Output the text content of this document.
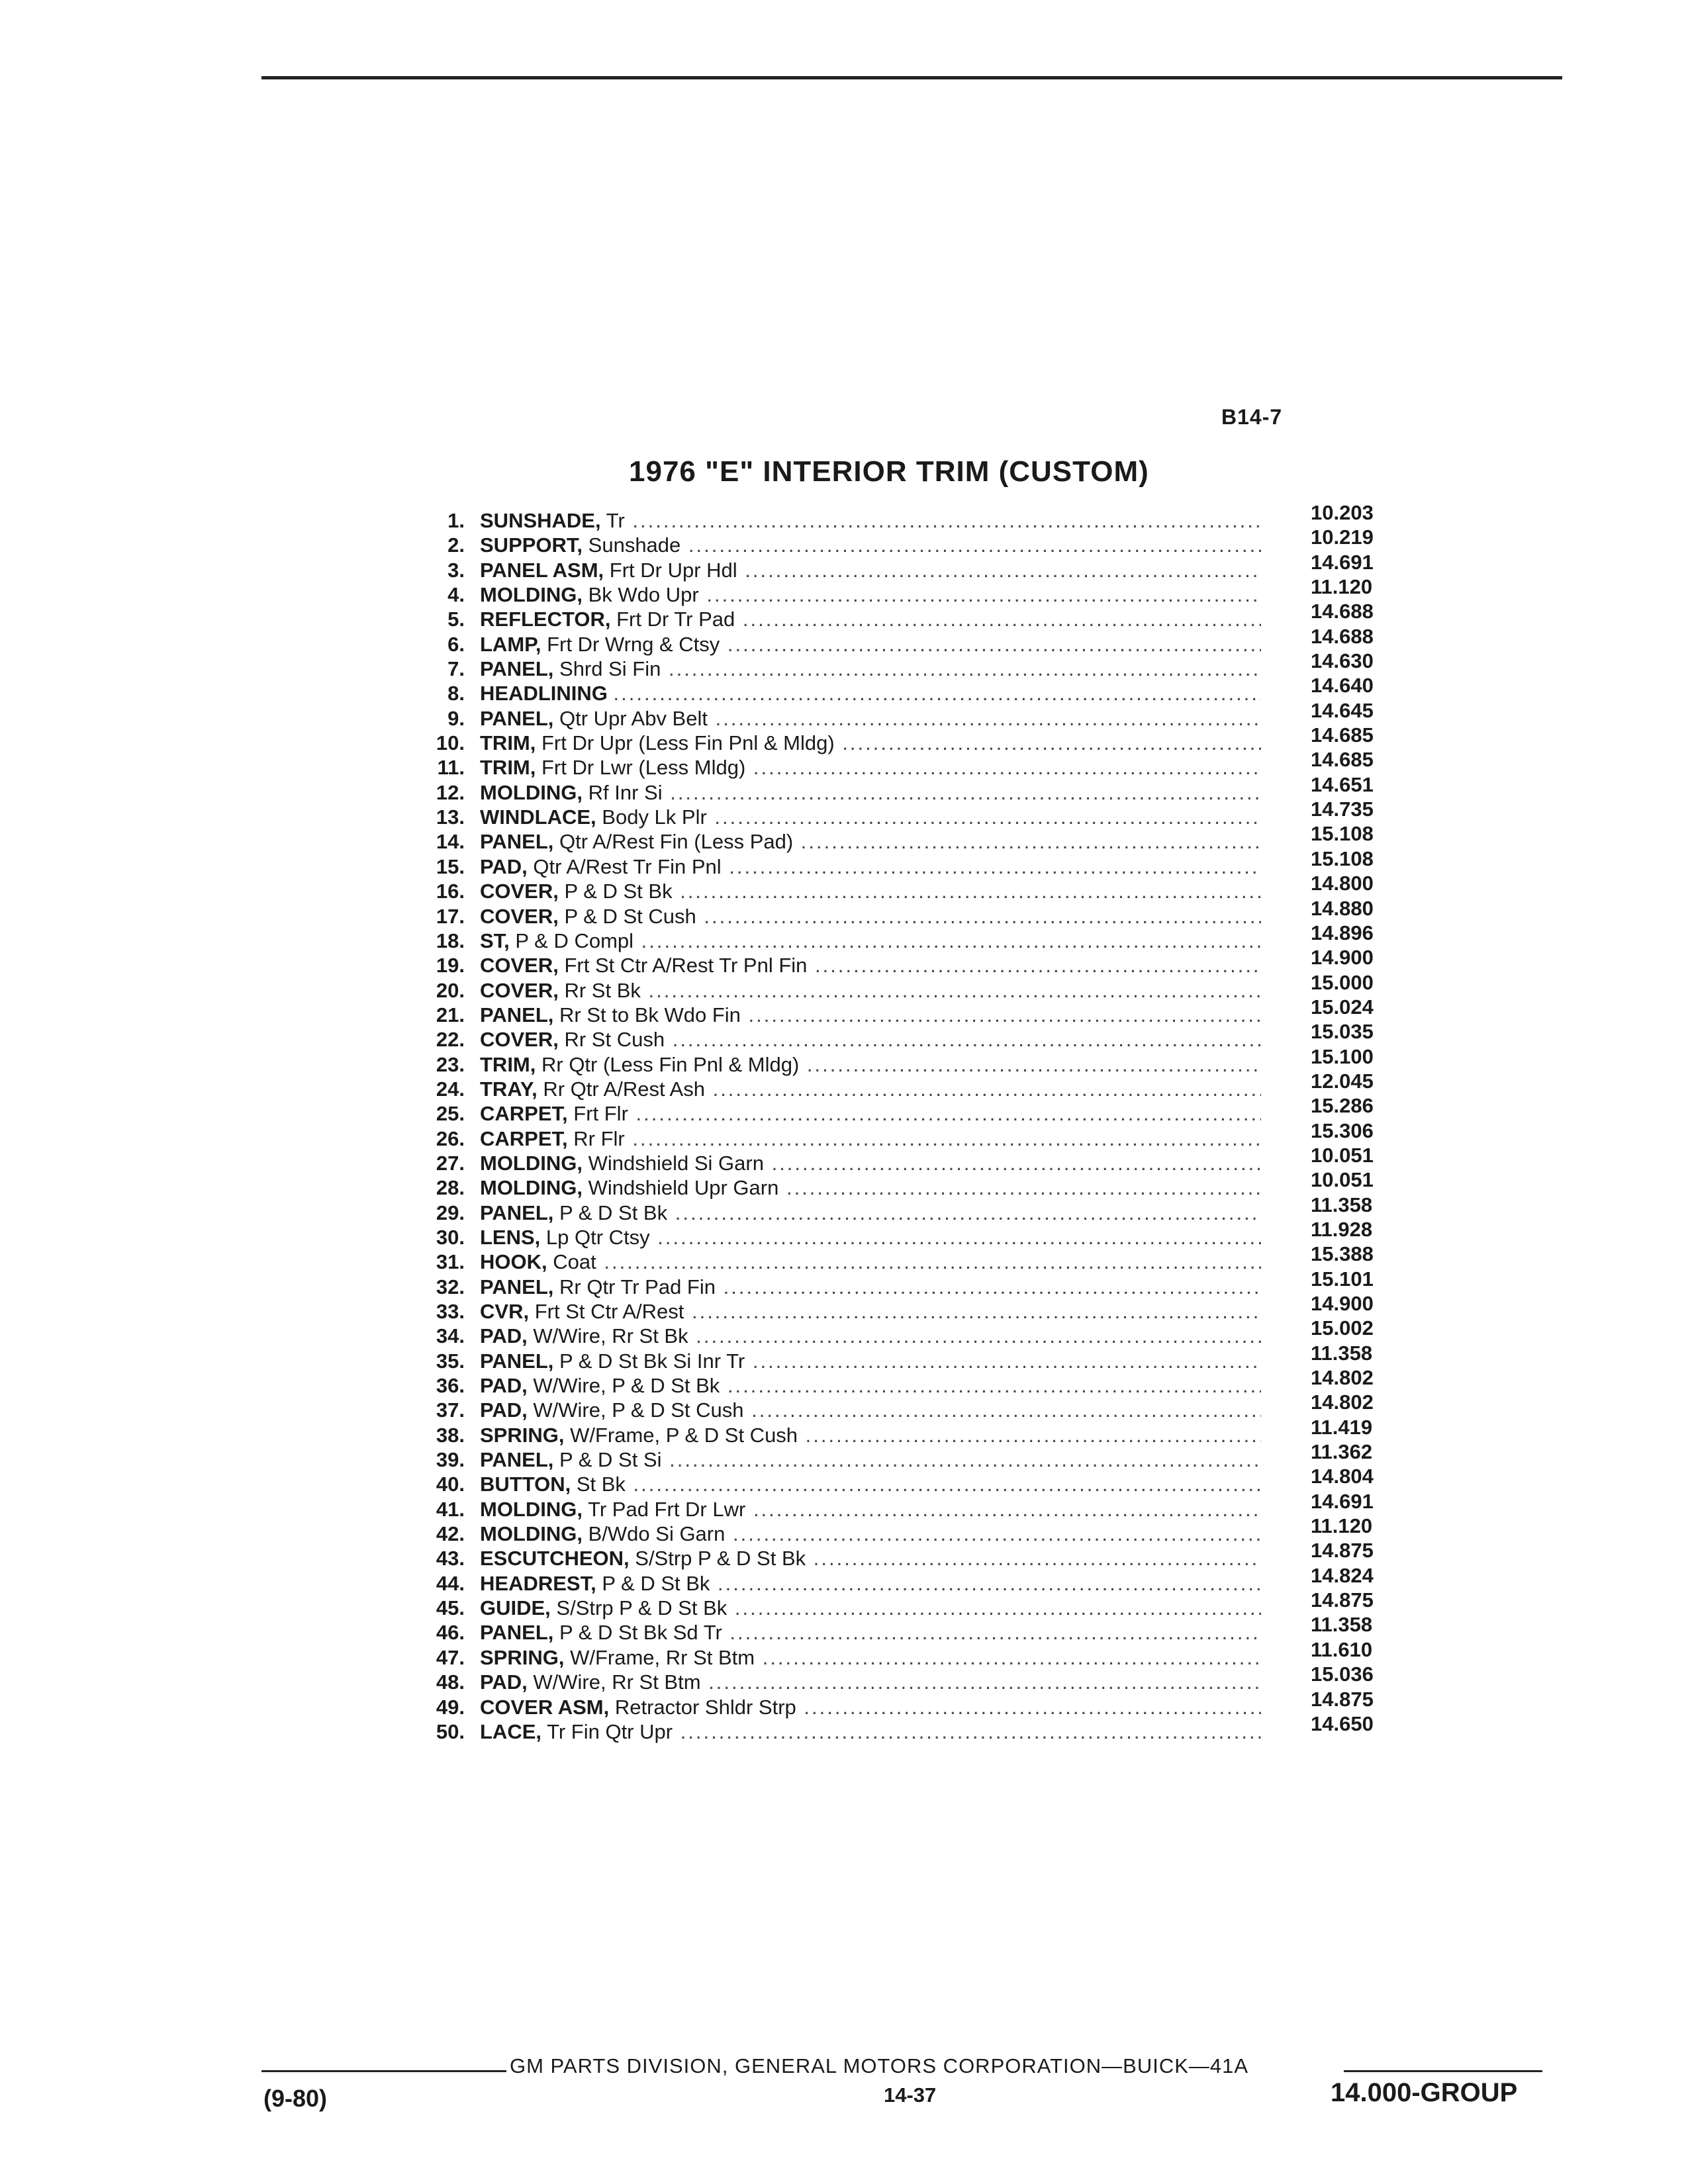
B14-7
1976 "E" INTERIOR TRIM (CUSTOM)
1. SUNSHADE, Tr .....	10.203
2. SUPPORT, Sunshade .....	10.219
3. PANEL ASM, Frt Dr Upr Hdl .....	14.691
4. MOLDING, Bk Wdo Upr .....	11.120
5. REFLECTOR, Frt Dr Tr Pad .....	14.688
6. LAMP, Frt Dr Wrng & Ctsy .....	14.688
7. PANEL, Shrd Si Fin .....	14.630
8. HEADLINING .....	14.640
9. PANEL, Qtr Upr Abv Belt .....	14.645
10. TRIM, Frt Dr Upr (Less Fin Pnl & Mldg) .....	14.685
11. TRIM, Frt Dr Lwr (Less Mldg) .....	14.685
12. MOLDING, Rf Inr Si .....	14.651
13. WINDLACE, Body Lk Plr .....	14.735
14. PANEL, Qtr A/Rest Fin (Less Pad) .....	15.108
15. PAD, Qtr A/Rest Tr Fin Pnl .....	15.108
16. COVER, P & D St Bk .....	14.800
17. COVER, P & D St Cush .....	14.880
18. ST, P & D Compl .....	14.896
19. COVER, Frt St Ctr A/Rest Tr Pnl Fin .....	14.900
20. COVER, Rr St Bk .....	15.000
21. PANEL, Rr St to Bk Wdo Fin .....	15.024
22. COVER, Rr St Cush .....	15.035
23. TRIM, Rr Qtr (Less Fin Pnl & Mldg) .....	15.100
24. TRAY, Rr Qtr A/Rest Ash .....	12.045
25. CARPET, Frt Flr .....	15.286
26. CARPET, Rr Flr .....	15.306
27. MOLDING, Windshield Si Garn .....	10.051
28. MOLDING, Windshield Upr Garn .....	10.051
29. PANEL, P & D St Bk .....	11.358
30. LENS, Lp Qtr Ctsy .....	11.928
31. HOOK, Coat .....	15.388
32. PANEL, Rr Qtr Tr Pad Fin .....	15.101
33. CVR, Frt St Ctr A/Rest .....	14.900
34. PAD, W/Wire, Rr St Bk .....	15.002
35. PANEL, P & D St Bk Si Inr Tr .....	11.358
36. PAD, W/Wire, P & D St Bk .....	14.802
37. PAD, W/Wire, P & D St Cush .....	14.802
38. SPRING, W/Frame, P & D St Cush .....	11.419
39. PANEL, P & D St Si .....	11.362
40. BUTTON, St Bk .....	14.804
41. MOLDING, Tr Pad Frt Dr Lwr .....	14.691
42. MOLDING, B/Wdo Si Garn .....	11.120
43. ESCUTCHEON, S/Strp P & D St Bk .....	14.875
44. HEADREST, P & D St Bk .....	14.824
45. GUIDE, S/Strp P & D St Bk .....	14.875
46. PANEL, P & D St Bk Sd Tr .....	11.358
47. SPRING, W/Frame, Rr St Btm .....	11.610
48. PAD, W/Wire, Rr St Btm .....	15.036
49. COVER ASM, Retractor Shldr Strp .....	14.875
50. LACE, Tr Fin Qtr Upr .....	14.650
GM PARTS DIVISION, GENERAL MOTORS CORPORATION—BUICK—41A
(9-80)	14-37	14.000-GROUP
